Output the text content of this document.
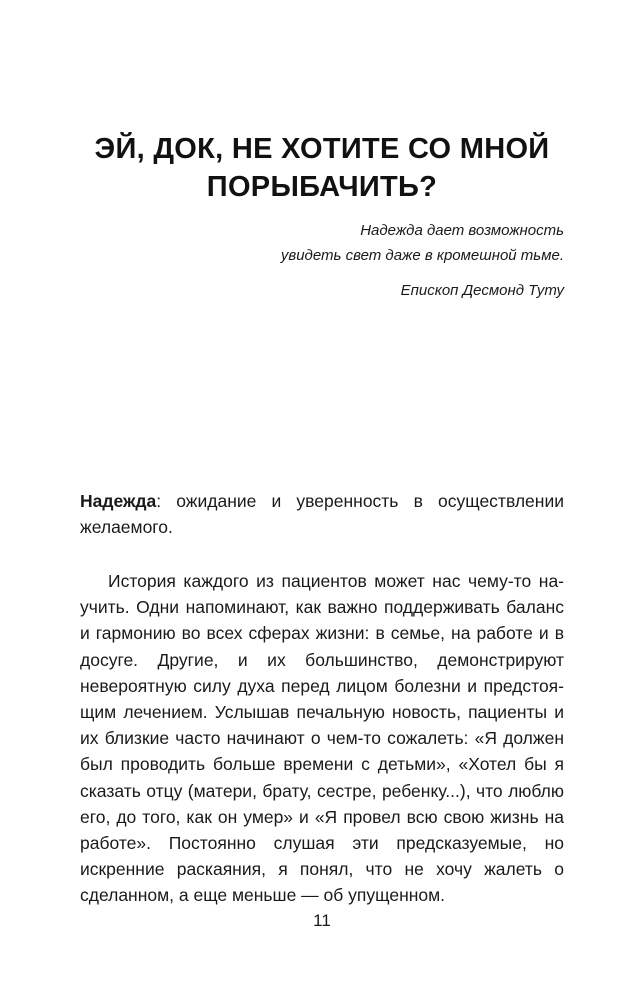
ЭЙ, ДОК, НЕ ХОТИТЕ СО МНОЙ
ПОРЫБАЧИТЬ?
Надежда дает возможность
увидеть свет даже в кромешной тьме.
Епископ Десмонд Туту

Надежда: ожидание и уверенность в осуществлении желаемого.

История каждого из пациентов может нас чему-то научить. Одни напоминают, как важно поддерживать баланс и гармонию во всех сферах жизни: в семье, на работе и в досуге. Другие, и их большинство, демонстрируют невероятную силу духа перед лицом болезни и предстоящим лечением. Услышав печальную новость, пациенты и их близкие часто начинают о чем-то сожалеть: «Я должен был проводить больше времени с детьми», «Хотел бы я сказать отцу (матери, брату, сестре, ребенку...), что люблю его, до того, как он умер» и «Я провел всю свою жизнь на работе». Постоянно слушая эти предсказуемые, но искренние раскаяния, я понял, что не хочу жалеть о сделанном, а еще меньше — об упущенном.

11
